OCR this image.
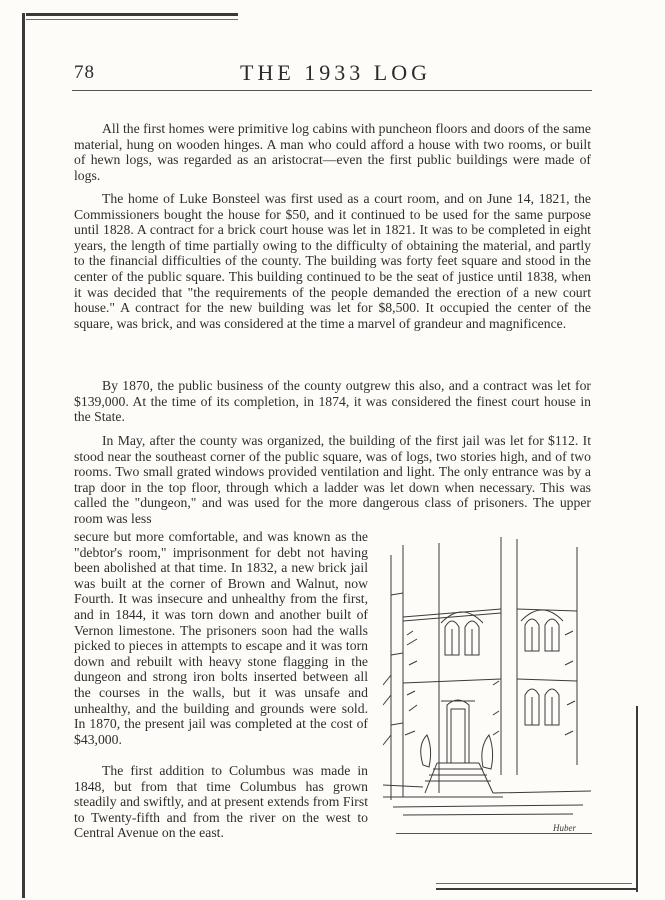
78	THE 1933 LOG

All the first homes were primitive log cabins with puncheon floors and doors of the same material, hung on wooden hinges. A man who could afford a house with two rooms, or built of hewn logs, was regarded as an aristocrat—even the first public buildings were made of logs.

The home of Luke Bonsteel was first used as a court room, and on June 14, 1821, the Commissioners bought the house for $50, and it continued to be used for the same purpose until 1828. A contract for a brick court house was let in 1821. It was to be completed in eight years, the length of time partially owing to the difficulty of obtaining the material, and partly to the financial difficulties of the county. The building was forty feet square and stood in the center of the public square. This building continued to be the seat of justice until 1838, when it was decided that "the requirements of the people demanded the erection of a new court house." A contract for the new building was let for $8,500. It occupied the center of the square, was brick, and was considered at the time a marvel of grandeur and magnificence.

By 1870, the public business of the county outgrew this also, and a contract was let for $139,000. At the time of its completion, in 1874, it was considered the finest court house in the State.

In May, after the county was organized, the building of the first jail was let for $112. It stood near the southeast corner of the public square, was of logs, two stories high, and of two rooms. Two small grated windows provided ventilation and light. The only entrance was by a trap door in the top floor, through which a ladder was let down when necessary. This was called the "dungeon," and was used for the more dangerous class of prisoners. The upper room was less

secure but more comfortable, and was known as the "debtor's room," imprisonment for debt not having been abolished at that time. In 1832, a new brick jail was built at the corner of Brown and Walnut, now Fourth. It was insecure and unhealthy from the first, and in 1844, it was torn down and another built of Vernon limestone. The prisoners soon had the walls picked to pieces in attempts to escape and it was torn down and rebuilt with heavy stone flagging in the dungeon and strong iron bolts inserted between all the courses in the walls, but it was unsafe and unhealthy, and the building and grounds were sold. In 1870, the present jail was completed at the cost of $43,000.

The first addition to Columbus was made in 1848, but from that time Columbus has grown steadily and swiftly, and at present extends from First to Twenty-fifth and from the river on the west to Central Avenue on the east.	Huber
